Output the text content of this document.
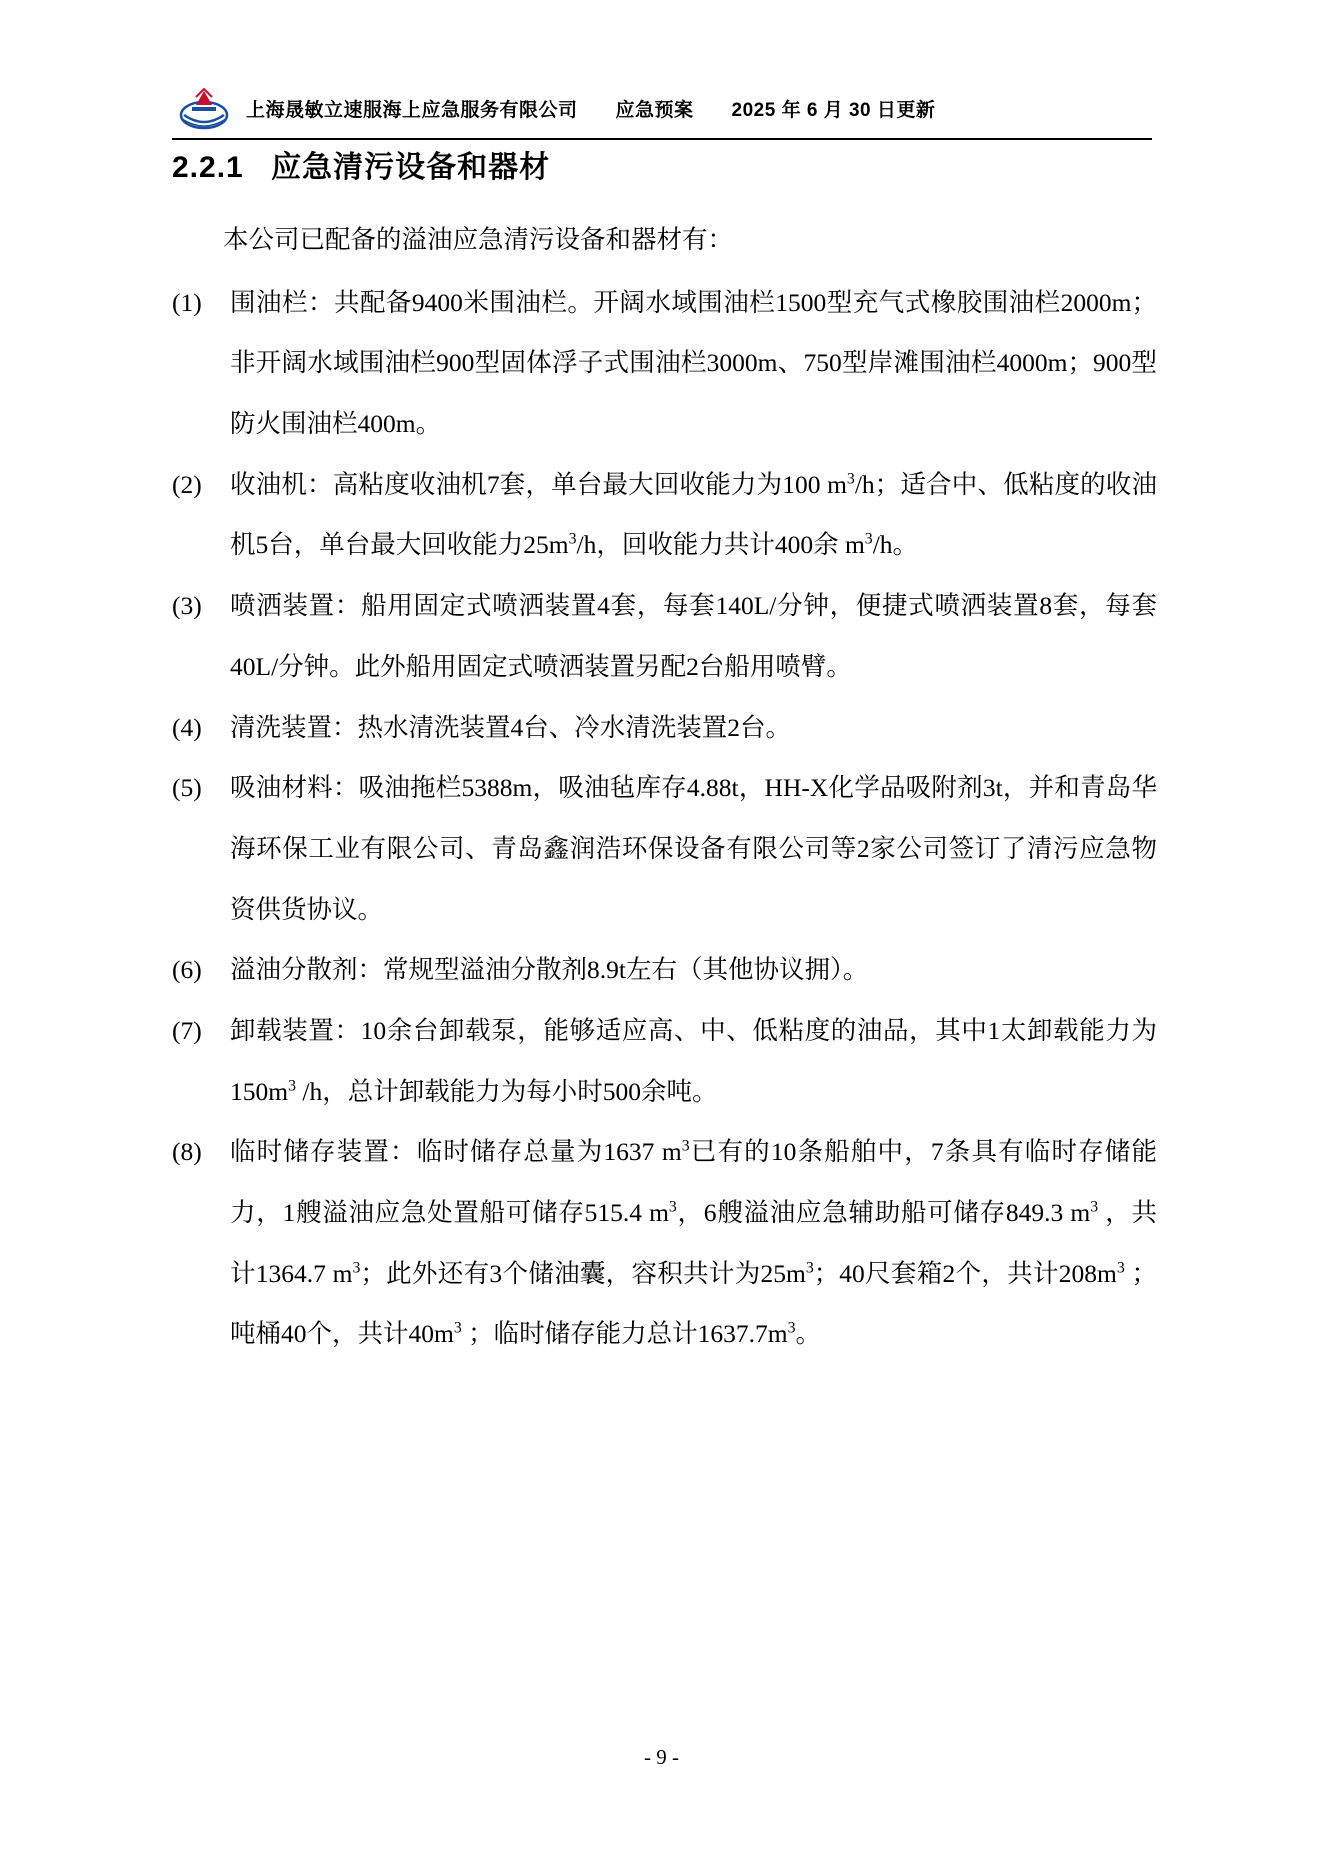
上海晟敏立速服海上应急服务有限公司 应急预案 2025 年 6 月 30 日更新
2.2.1 应急清污设备和器材

本公司已配备的溢油应急清污设备和器材有：

(1)	围油栏：共配备9400米围油栏。开阔水域围油栏1500型充气式橡胶围油栏2000m；非开阔水域围油栏900型固体浮子式围油栏3000m、750型岸滩围油栏4000m；900型防火围油栏400m。
(2)	收油机：高粘度收油机7套，单台最大回收能力为100 $m^3/h$；适合中、低粘度的收油机5台，单台最大回收能力$25m^3/h$，回收能力共计400余 $m^3/h$。
(3)	喷洒装置：船用固定式喷洒装置4套，每套140L/分钟，便捷式喷洒装置8套，每套40L/分钟。此外船用固定式喷洒装置另配2台船用喷臂。
(4)	清洗装置：热水清洗装置4台、冷水清洗装置2台。
(5)	吸油材料：吸油拖栏5388m，吸油毡库存4.88t，HH-X化学品吸附剂3t，并和青岛华海环保工业有限公司、青岛鑫润浩环保设备有限公司等2家公司签订了清污应急物资供货协议。
(6)	溢油分散剂：常规型溢油分散剂8.9t左右（其他协议拥）。
(7)	卸载装置：10余台卸载泵，能够适应高、中、低粘度的油品，其中1太卸载能力为$150m^3$ /h，总计卸载能力为每小时500余吨。
(8)	临时储存装置：临时储存总量为1637 $m^3$已有的10条船舶中，7条具有临时存储能力，1艘溢油应急处置船可储存515.4 $m^3$，6艘溢油应急辅助船可储存849.3 $m^3$ ，共计1364.7 $m^3$；此外还有3个储油囊，容积共计为$25m^3$；40尺套箱2个，共计$208m^3$ ；吨桶40个，共计$40m^3$ ；临时储存能力总计$1637.7m^3$。
- 9 -
